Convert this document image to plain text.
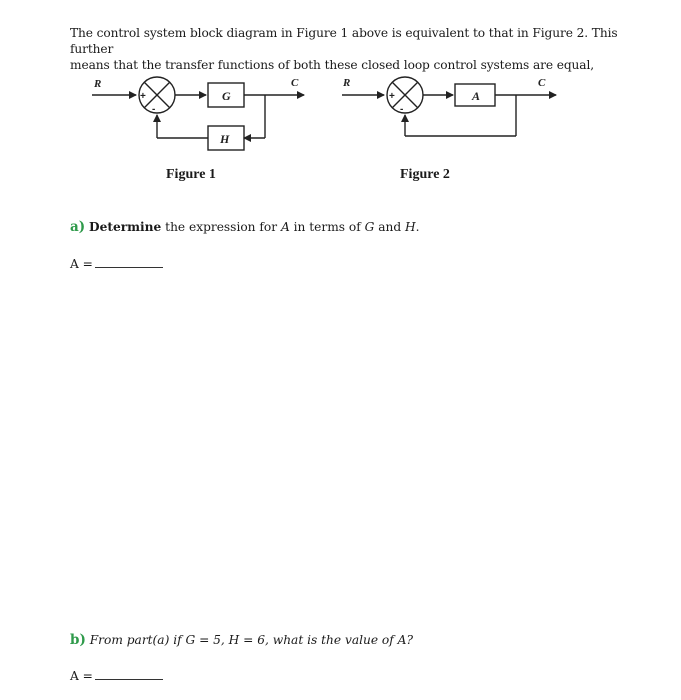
The control system block diagram in Figure 1 above is equivalent to that in Figure 2. This further

means that the transfer functions of both these closed loop control systems are equal,

R	C
G
H
+
-
R	C
A
+
-
Figure 1	Figure 2
a) Determine the expression for A in terms of G and H.
A =
b) From part(a) if G = 5, H = 6, what is the value of A?
A =
